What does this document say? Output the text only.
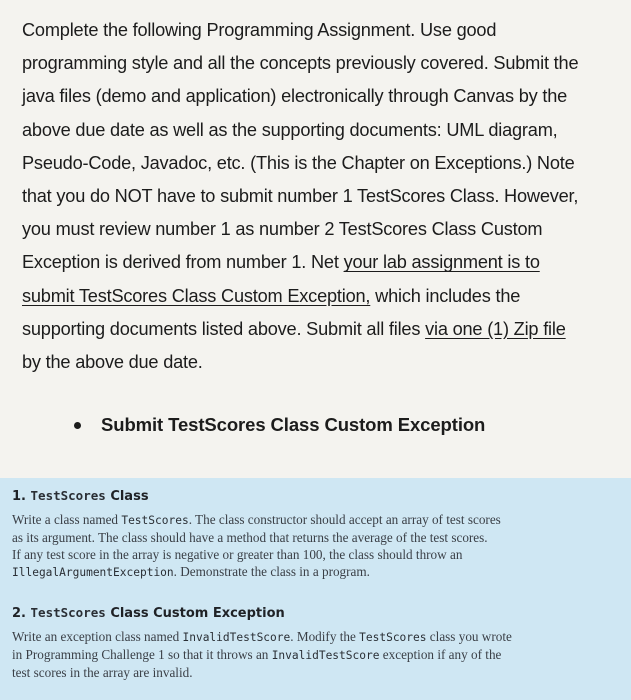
Complete the following Programming Assignment. Use good
programming style and all the concepts previously covered. Submit the
java files (demo and application) electronically through Canvas by the
above due date as well as the supporting documents: UML diagram,
Pseudo-Code, Javadoc, etc. (This is the Chapter on Exceptions.) Note
that you do NOT have to submit number 1 TestScores Class. However,
you must review number 1 as number 2 TestScores Class Custom
Exception is derived from number 1. Net your lab assignment is to
submit TestScores Class Custom Exception, which includes the
supporting documents listed above. Submit all files via one (1) Zip file
by the above due date.
Submit TestScores Class Custom Exception
1. TestScores Class
Write a class named TestScores. The class constructor should accept an array of test scores
as its argument. The class should have a method that returns the average of the test scores.
If any test score in the array is negative or greater than 100, the class should throw an
IllegalArgumentException. Demonstrate the class in a program.
2. TestScores Class Custom Exception
Write an exception class named InvalidTestScore. Modify the TestScores class you wrote
in Programming Challenge 1 so that it throws an InvalidTestScore exception if any of the
test scores in the array are invalid.
